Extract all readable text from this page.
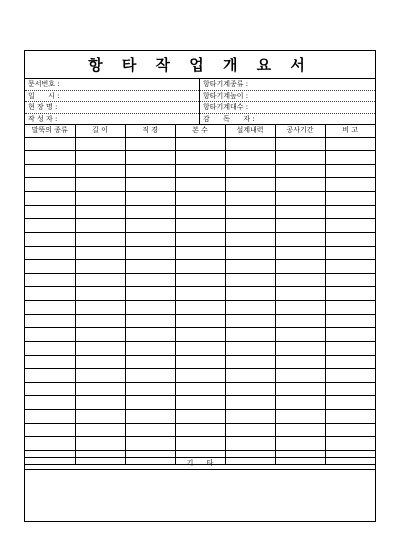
항 타 작 업 개 요 서
문서번호 :	항타기계종류 :
일      시 :	항타기계높이 :
현 장 명 :	항타기계대수 :
작 성 자 :	감      독      자 :
말뚝의 종류	길 이	직 경	본 수	설계내력	공사기간	비 고

기      타
